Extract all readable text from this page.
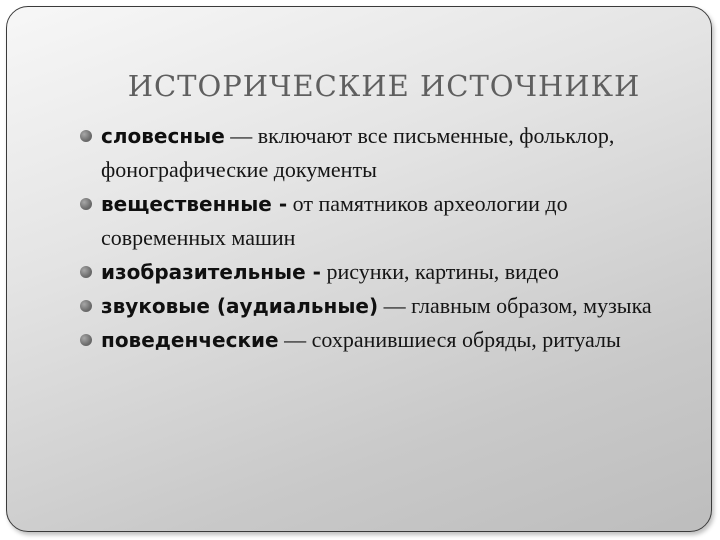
ИСТОРИЧЕСКИЕ ИСТОЧНИКИ
словесные — включают все письменные, фольклор, фонографические документы
вещественные - от памятников археологии до современных машин
изобразительные - рисунки, картины, видео
звуковые (аудиальные) — главным образом, музыка
поведенческие — сохранившиеся обряды, ритуалы
